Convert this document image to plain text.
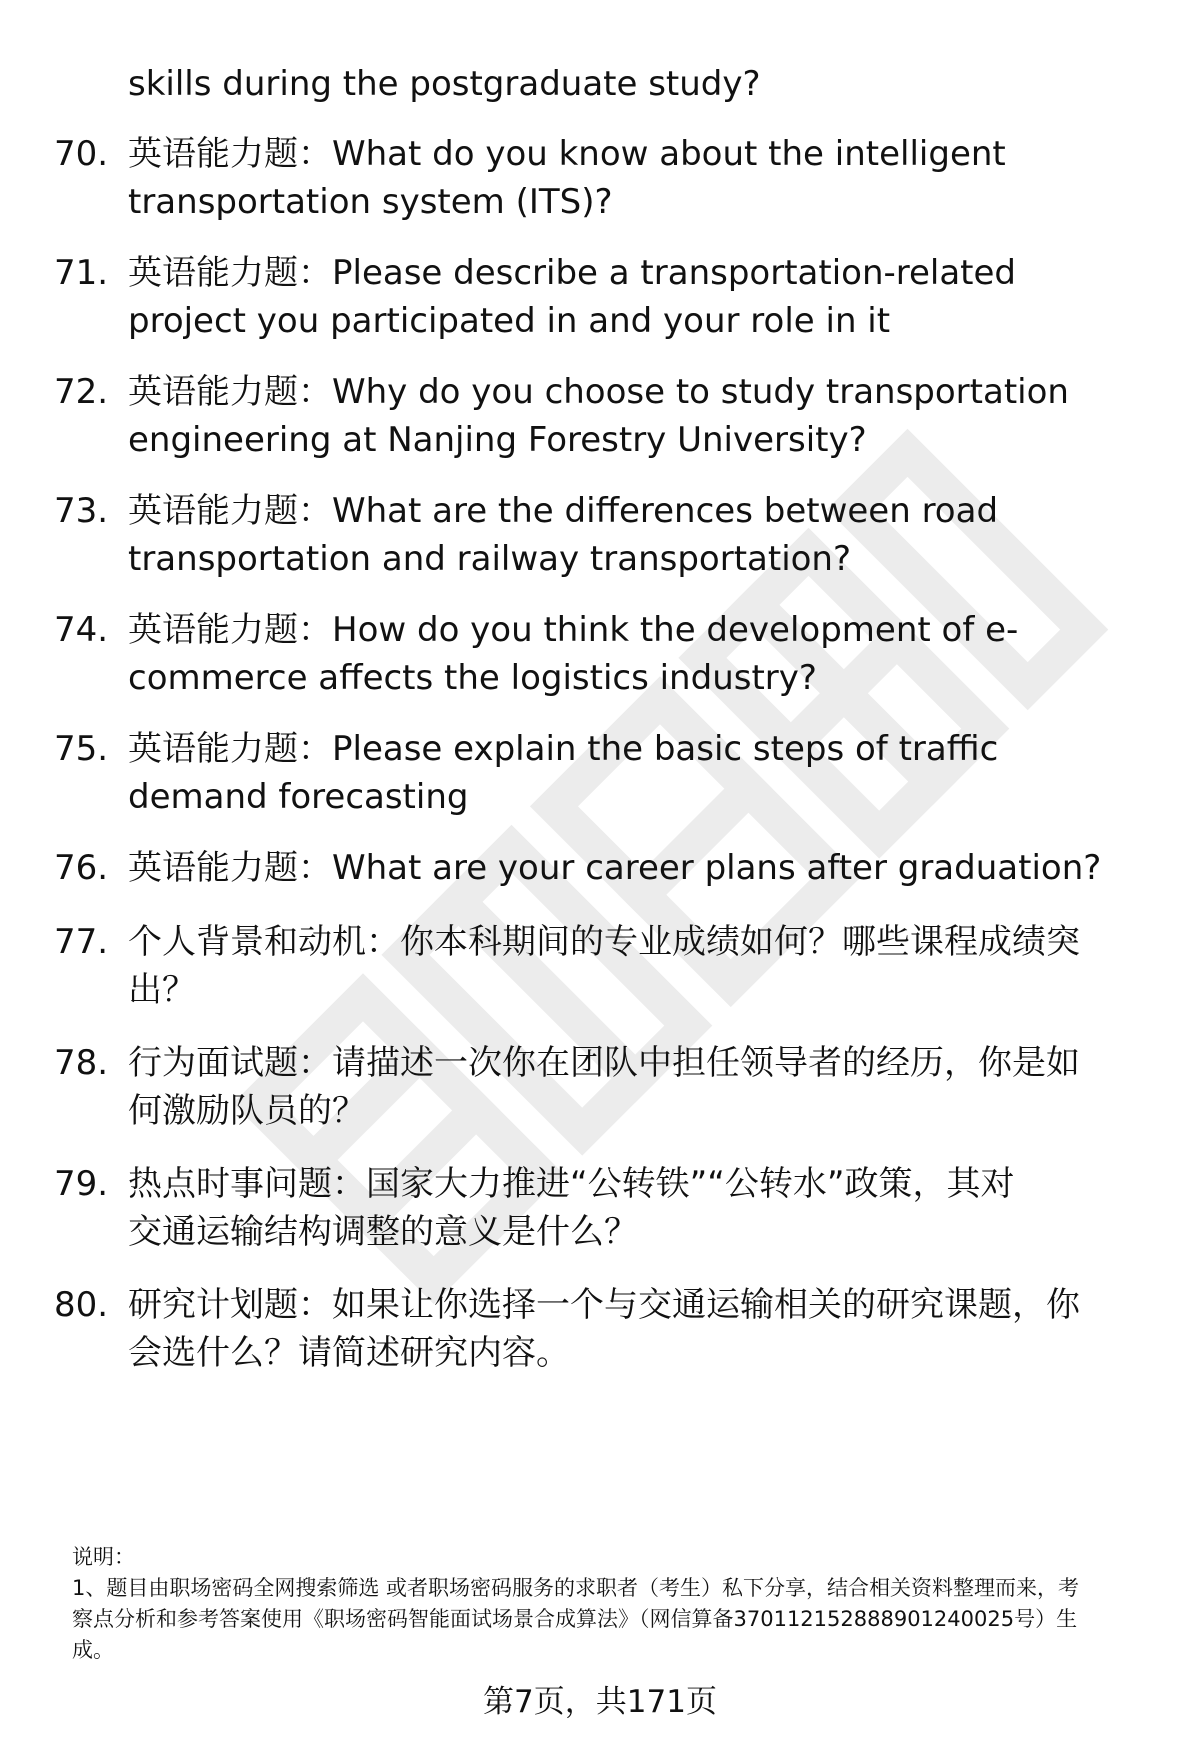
skills during the postgraduate study?
70. 英语能力题：What do you know about the intelligent
transportation system (ITS)?
71. 英语能力题：Please describe a transportation-related
project you participated in and your role in it
72. 英语能力题：Why do you choose to study transportation
engineering at Nanjing Forestry University?
73. 英语能力题：What are the differences between road
transportation and railway transportation?
74. 英语能力题：How do you think the development of e-
commerce affects the logistics industry?
75. 英语能力题：Please explain the basic steps of traffic
demand forecasting
76. 英语能力题：What are your career plans after graduation?
77. 个人背景和动机：你本科期间的专业成绩如何？哪些课程成绩突
出？
78. 行为面试题：请描述一次你在团队中担任领导者的经历，你是如
何激励队员的？
79. 热点时事问题：国家大力推进“公转铁”“公转水”政策，其对
交通运输结构调整的意义是什么？
80. 研究计划题：如果让你选择一个与交通运输相关的研究课题，你
会选什么？请简述研究内容。
说明：
1、题目由职场密码全网搜索筛选 或者职场密码服务的求职者（考生）私下分享，结合相关资料整理而来，考
察点分析和参考答案使用《职场密码智能面试场景合成算法》（网信算备370112152888901240025号）生
成。
第7页，共171页
